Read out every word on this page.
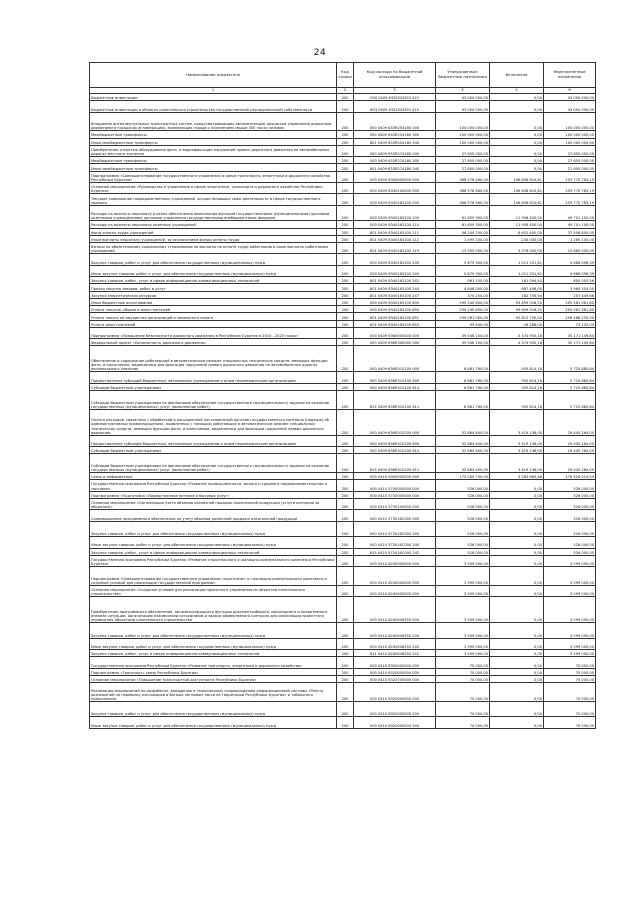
24
Наименование показателя	Код строки	Код расхода по бюджетной классификации	Утвержденные бюджетные назначения	Исполнено	Неисполненные назначения
1	2	3	4	5	6
Бюджетные инвестиции	200	000 0409 6335242Ю0 410	43 000 000,00	0,00	43 000 000,00
Бюджетные инвестиции в объекты капитального строительства государственной (муниципальной) собственности	200	803 0409 6335242Ю0 414	43 000 000,00	0,00	43 000 000,00
Внедрение интеллектуальных транспортных систем, предусматривающих автоматизацию процессов управления дорожным движением в городских агломерациях, включающих города с населением свыше 300 тысяч человек	200	000 0409 633R254180 000	100 000 000,00	0,00	100 000 000,00
Межбюджетные трансферты	200	000 0409 633R254180 500	100 000 000,00	0,00	100 000 000,00
Иные межбюджетные трансферты	200	801 0409 633R254180 540	100 000 000,00	0,00	100 000 000,00
Приобретение и монтаж оборудования фото- и видеофиксации нарушений правил дорожного движения на автомобильных дорогах местного значения	200	000 0409 633R274180 000	27 650 000,00	0,00	27 650 000,00
Межбюджетные трансферты	200	000 0409 633R274180 500	27 650 000,00	0,00	27 650 000,00
Иные межбюджетные трансферты	200	801 0409 633R274180 540	27 650 000,00	0,00	27 650 000,00
Подпрограмма «Совершенствование государственного управления в сфере транспорта, энергетики и дорожного хозяйства Республики Бурятия»	200	000 0409 6340000000 000	366 578 460,00	106 808 610,81	259 770 783,19
Основное мероприятие «Руководство и управление в сфере энергетики, транспорта и дорожного хозяйства Республики Бурятия»	200	000 0409 6340100000 000	366 578 460,00	106 808 610,81	259 770 783,19
Текущее содержание подведомственных учреждений, осуществляющих свою деятельность в сфере государственного задания	200	000 0409 6340163100 000	366 578 460,00	106 808 610,81	259 770 783,19
Расходы на выплаты персоналу в целях обеспечения выполнения функций государственными (муниципальными) органами, казенными учреждениями, органами управления государственными внебюджетными фондами	200	000 0409 6340163100 100	61 659 300,00	11 958 400,00	49 701 100,00
Расходы на выплаты персоналу казенных учреждений	200	000 0409 6340163100 110	61 659 300,00	11 958 400,00	49 701 100,00
Фонд оплаты труда учреждений	200	801 0409 6340163100 111	46 209 200,00	8 652 400,00	37 556 800,00
Иные выплаты персоналу учреждений, за исключением фонда оплаты труда	200	801 0409 6340163100 112	1 495 100,00	230 000,00	1 265 100,00
Взносы по обязательному социальному страхованию на выплаты по оплате труда работников и иные выплаты работникам учреждений	200	801 0409 6340163100 119	13 955 000,00	3 076 000,00	10 880 000,00
Закупка товаров, работ и услуг для обеспечения государственных (муниципальных) нужд	200	000 0409 6340163100 200	5 679 300,00	1 011 201,61	4 668 098,39
Иные закупки товаров, работ и услуг для обеспечения государственных (муниципальных) нужд	200	000 0409 6340163100 240	5 679 300,00	1 011 201,61	4 668 098,39
Закупка товаров, работ, услуг в сфере информационно-коммуникационных технологий	200	801 0409 6340163100 242	961 100,00	161 094,44	800 005,56
Прочая закупка товаров, работ и услуг	200	801 0409 6340163100 244	4 648 000,00	687 446,00	3 960 554,00
Закупка энергетических ресурсов	200	801 0409 6340163100 247	370 200,00	162 750,34	207 449,66
Иные бюджетные ассигнования	200	000 0409 6340163100 800	299 240 600,00	93 659 018,20	205 581 581,80
Уплата налогов, сборов и иных платежей	200	000 0409 6340163100 850	299 240 600,00	93 659 018,20	205 581 581,80
Уплата налога на имущество организаций и земельного налога	200	801 0409 6340163100 851	299 081 000,00	92 612 750,00	206 468 250,00
Уплата иных платежей	200	801 0409 6340163100 853	99 400,00	26 268,00	73 132,00
Подпрограмма «Повышение безопасности дорожного движения в Республике Бурятия в 2014 - 2020 годах»	200	000 0409 6360000000 000	39 546 100,00	4 374 950,16	35 171 149,84
Федеральный проект «Безопасность дорожного движения»	200	000 0409 636R300000 000	39 546 100,00	4 374 950,16	35 171 149,84
Обеспечение и содержание работающей в автоматическом режиме специальных технических средств, имеющих функции фото- и киносъемки, видеозаписи для фиксации нарушений правил дорожного движения на автомобильных дорогах регионального значения	200	000 0409 636R310100 000	6 681 760,00	955 814,16	5 725 885,84
Предоставление субсидий бюджетным, автономным учреждениям и иным некоммерческим организациям	200	000 0409 636R310100 600	6 681 760,00	955 814,16	5 725 885,84
Субсидии бюджетным учреждениям	200	000 0409 636R310100 610	6 681 760,00	955 814,16	5 725 885,84
Субсидии бюджетным учреждениям на финансовое обеспечение государственного (муниципального) задания на оказание государственных (муниципальных) услуг (выполнение работ)	200	815 0409 636R310100 611	6 681 760,00	955 814,16	5 725 885,84
Оплата расходов, связанных с обработкой в расширенной постановлений органов государственного контроля (надзора) об административных правонарушениях, выявленных с помощью работающих в автоматическом режиме специальных технических средств, имеющих функции фото- и киносъемки, видеозаписи для фиксации нарушений правил дорожного движения	200	000 0409 636R310200 000	32 864 400,00	3 419 136,00	29 445 264,00
Предоставление субсидий бюджетным, автономным учреждениям и иным некоммерческим организациям	200	000 0409 636R310200 600	32 864 400,00	3 419 136,00	29 445 264,00
Субсидии бюджетным учреждениям	200	000 0409 636R310200 610	32 864 400,00	3 419 136,00	29 445 264,00
Субсидии бюджетным учреждениям на финансовое обеспечение государственного (муниципального) задания на оказание государственных (муниципальных) услуг (выполнение работ)	200	815 0409 636R310200 611	32 864 400,00	3 419 136,00	29 445 264,00
Связь и информатика	200	000 0410 0000000000 000	172 000 700,00	3 284 685,46	176 426 014,54
Государственная программа Республики Бурятия «Развитие промышленности, малого и среднего предпринимательства и торговли»	200	000 0410 5700000000 000	526 000,00	0,00	526 000,00
Подпрограмма «Подготовка «Лидерственное питание и бытовых услуг»	200	000 0410 5730000000 000	526 000,00	0,00	526 000,00
Основное мероприятие «Организация учета объемов розничной продажи алкогольной продукции (услуги контроля за оборотом)»	200	000 0410 5730100000 000	526 000,00	0,00	526 000,00
Сопровождение программного обеспечения по учету объемов розничной продажи алкогольной продукции	200	000 0410 573016С000 000	526 000,00	0,00	526 000,00
Закупка товаров, работ и услуг для обеспечения государственных (муниципальных) нужд	200	000 0410 573016С000 200	526 000,00	0,00	526 000,00
Иные закупки товаров, работ и услуг для обеспечения государственных (муниципальных) нужд	200	000 0410 573016С000 240	526 000,00	0,00	526 000,00
Закупка товаров, работ, услуг в сфере информационно-коммуникационных технологий	200	815 0410 573016С000 242	526 000,00	0,00	526 000,00
Государственная программа Республики Бурятия «Развитие строительного и жилищно-коммунального комплекса Республики Бурятия»	200	000 0410 6200000000 000	3 599 000,00	0,00	3 599 000,00
Подпрограмма «Совершенствование государственного управления «протезное» и «жилищно-коммунального комплекса и создание условий для реализации государственной программы»	200	000 0410 6240000000 000	3 599 000,00	0,00	3 599 000,00
Основное мероприятие «Создание условий для реализации проектного управления по объектам капитального строительства»	200	000 0410 6240400000 000	3 599 000,00	0,00	3 599 000,00
Приобретение программного обеспечения, автоматизирующего функции документооборота, мониторинга и оперативного анализа ситуации, организацию взаимосвязи сотрудников и задачи эффективного контроля для реализации проектного управления объектами капитального строительства	200	000 0410 6240446250 000	3 599 000,00	0,00	3 599 000,00
Закупка товаров, работ и услуг для обеспечения государственных (муниципальных) нужд	200	000 0410 6240446250 200	3 599 000,00	0,00	3 599 000,00
Иные закупки товаров, работ и услуг для обеспечения государственных (муниципальных) нужд	200	000 0410 6240446250 240	3 599 000,00	0,00	3 599 000,00
Закупка товаров, работ, услуг в сфере информационно-коммуникационных технологий	200	811 0410 6240446250 242	3 599 000,00	0,00	3 599 000,00
Государственная программа Республики Бурятия «Развитие транспорта, энергетики и дорожного хозяйства»	200	000 0410 6300000000 000	70 000,00	0,00	70 000,00
Подпрограмма «Транспорт» связь Республики Бурятия»	200	000 0410 6320000000 000	70 000,00	0,00	70 000,00
Основное мероприятие «Повышение транспортной доступности Республики Бурятия»	200	000 0410 6320700000 000	70 000,00	0,00	70 000,00
Реализация мероприятий по разработке, внедрению и техническому сопровождению информационной системы «Реестр разрешений на перевозку пассажиров и багажа легковым такси на территории Республики Бурятия» и тобольного приложения»	200	000 0410 6320000000 000	70 000,00	0,00	70 000,00
Закупка товаров, работ и услуг для обеспечения государственных (муниципальных) нужд	200	000 0410 6320000000 200	70 000,00	0,00	70 000,00
Иные закупки товаров, работ и услуг для обеспечения государственных (муниципальных) нужд	200	000 0410 6320000000 240	70 000,00	0,00	70 000,00
